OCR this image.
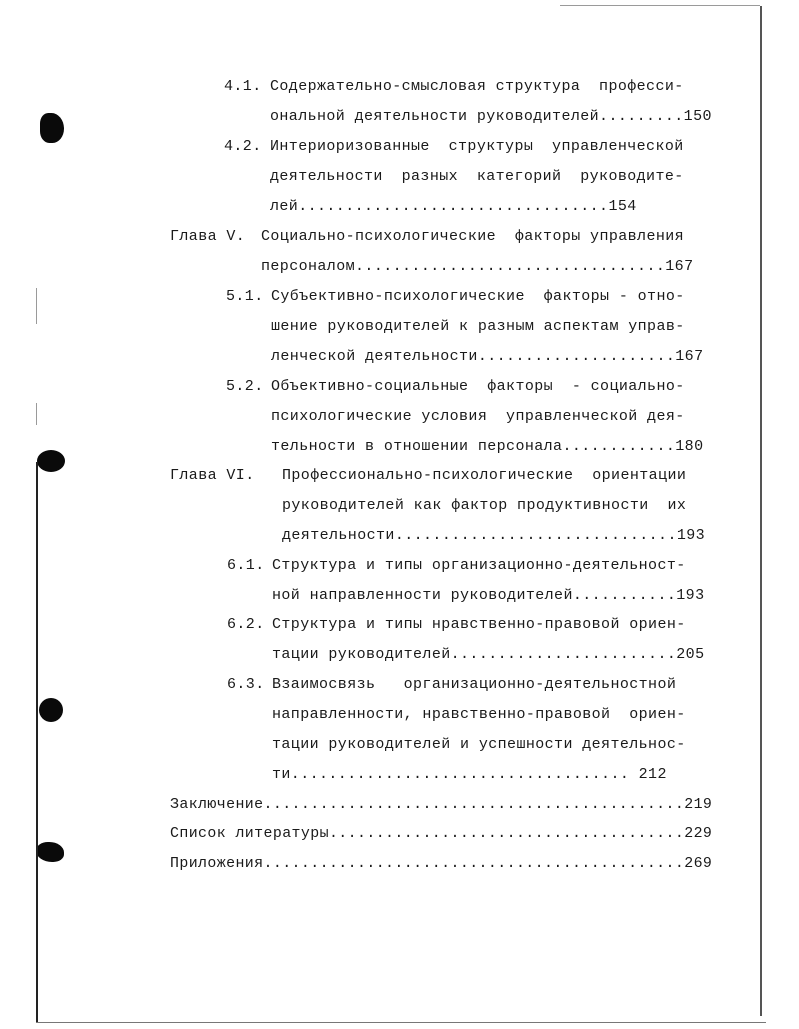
4.1. Содержательно-смысловая структура  професси-
ональной деятельности руководителей.........150
4.2. Интериоризованные  структуры  управленческой
деятельности  разных  категорий  руководите-
лей.................................154
Глава V. Социально-психологические  факторы управления
персоналом.................................167
5.1. Субъективно-психологические  факторы - отно-
шение руководителей к разным аспектам управ-
ленческой деятельности.....................167
5.2. Объективно-социальные  факторы  - социально-
психологические условия  управленческой дея-
тельности в отношении персонала............180
Глава VI. Профессионально-психологические  ориентации
руководителей как фактор продуктивности  их
деятельности..............................193
6.1. Структура и типы организационно-деятельност-
ной направленности руководителей...........193
6.2. Структура и типы нравственно-правовой ориен-
тации руководителей........................205
6.3. Взаимосвязь   организационно-деятельностной
направленности, нравственно-правовой  ориен-
тации руководителей и успешности деятельнос-
ти.................................... 212
Заключение.............................................219
Список литературы......................................229
Приложения.............................................269
